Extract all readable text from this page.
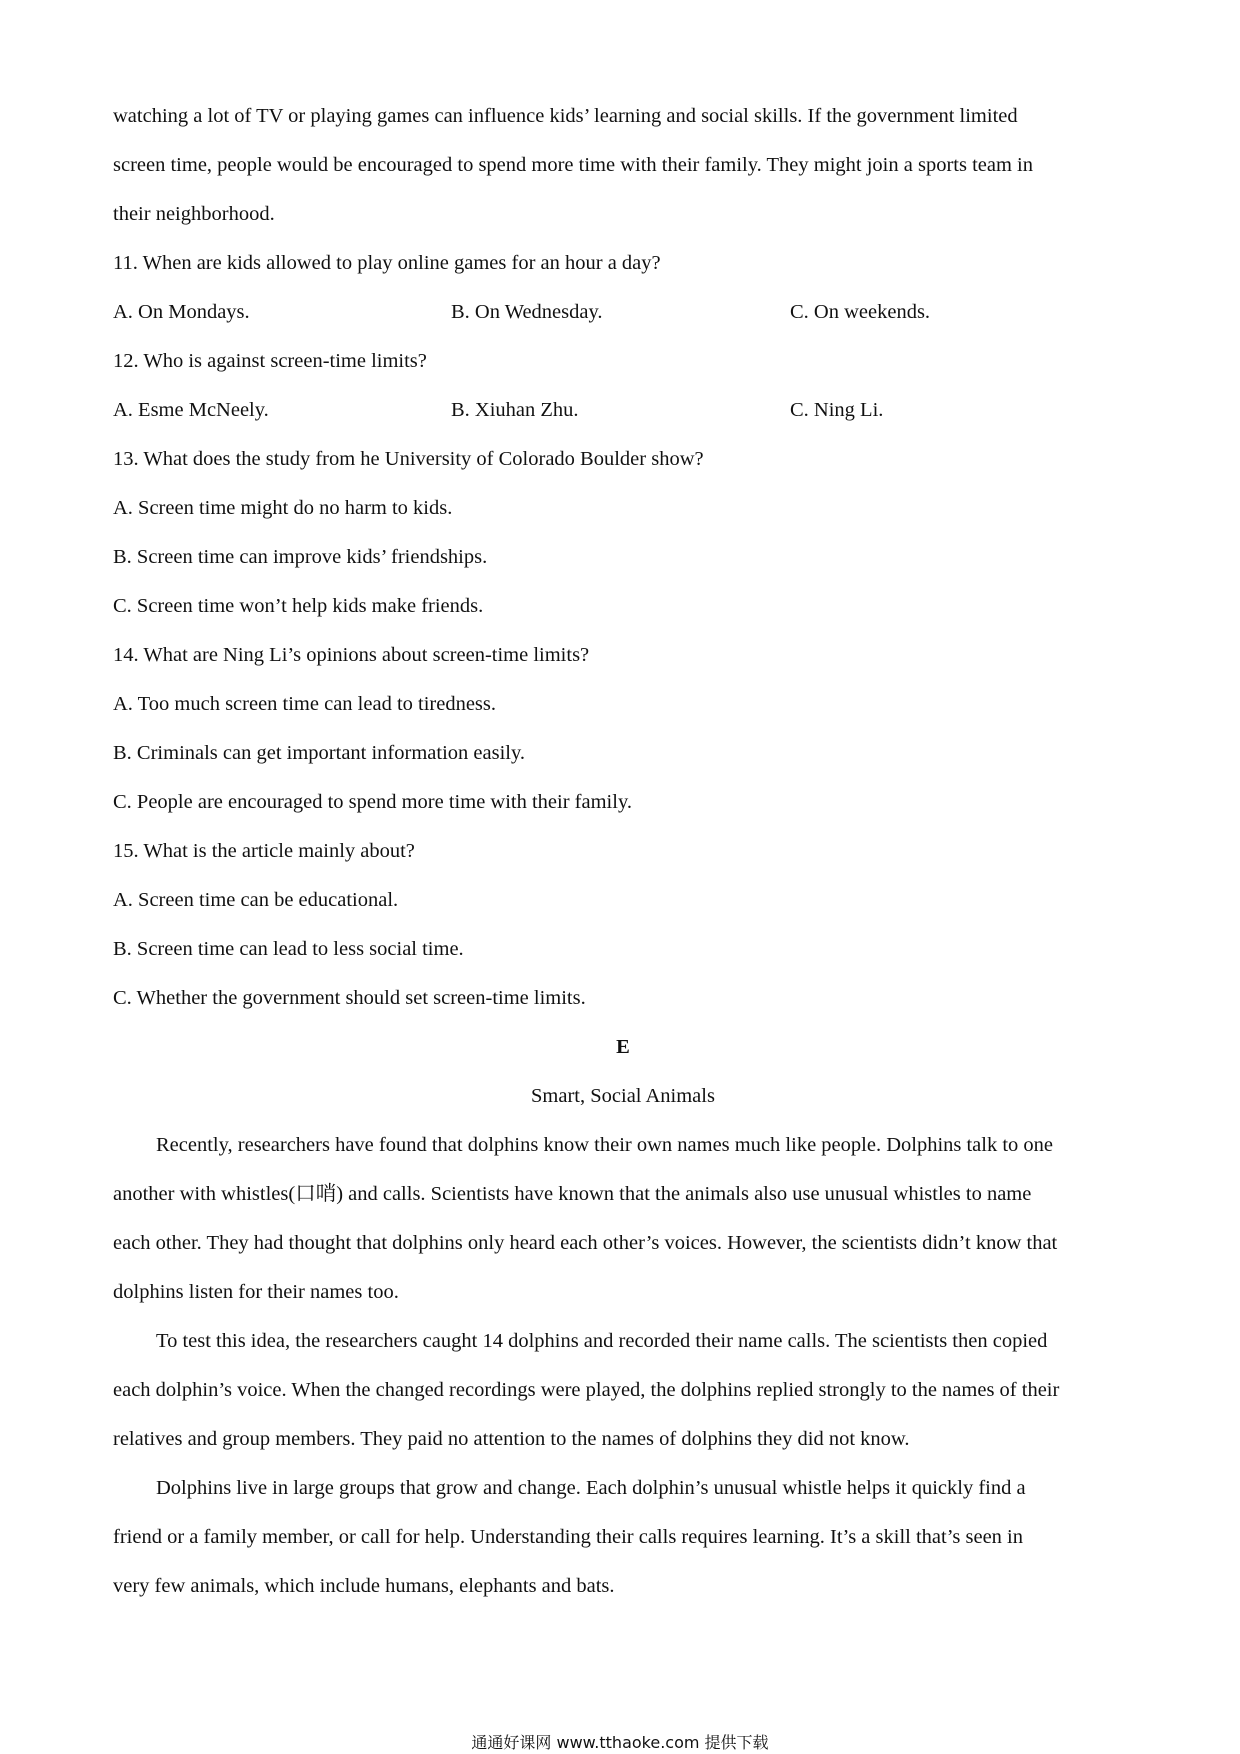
watching a lot of TV or playing games can influence kids’ learning and social skills. If the government limited
screen time, people would be encouraged to spend more time with their family. They might join a sports team in
their neighborhood.
11. When are kids allowed to play online games for an hour a day?
A. On Mondays.	B. On Wednesday.	C. On weekends.
12. Who is against screen-time limits?
A. Esme McNeely.	B. Xiuhan Zhu.	C. Ning Li.
13. What does the study from he University of Colorado Boulder show?
A. Screen time might do no harm to kids.
B. Screen time can improve kids’ friendships.
C. Screen time won’t help kids make friends.
14. What are Ning Li’s opinions about screen-time limits?
A. Too much screen time can lead to tiredness.
B. Criminals can get important information easily.
C. People are encouraged to spend more time with their family.
15. What is the article mainly about?
A. Screen time can be educational.
B. Screen time can lead to less social time.
C. Whether the government should set screen-time limits.
E
Smart, Social Animals
Recently, researchers have found that dolphins know their own names much like people. Dolphins talk to one
another with whistles(口哨) and calls. Scientists have known that the animals also use unusual whistles to name
each other. They had thought that dolphins only heard each other’s voices. However, the scientists didn’t know that
dolphins listen for their names too.
To test this idea, the researchers caught 14 dolphins and recorded their name calls. The scientists then copied
each dolphin’s voice. When the changed recordings were played, the dolphins replied strongly to the names of their
relatives and group members. They paid no attention to the names of dolphins they did not know.
Dolphins live in large groups that grow and change. Each dolphin’s unusual whistle helps it quickly find a
friend or a family member, or call for help. Understanding their calls requires learning. It’s a skill that’s seen in
very few animals, which include humans, elephants and bats.
通通好课网 www.tthaoke.com 提供下载
